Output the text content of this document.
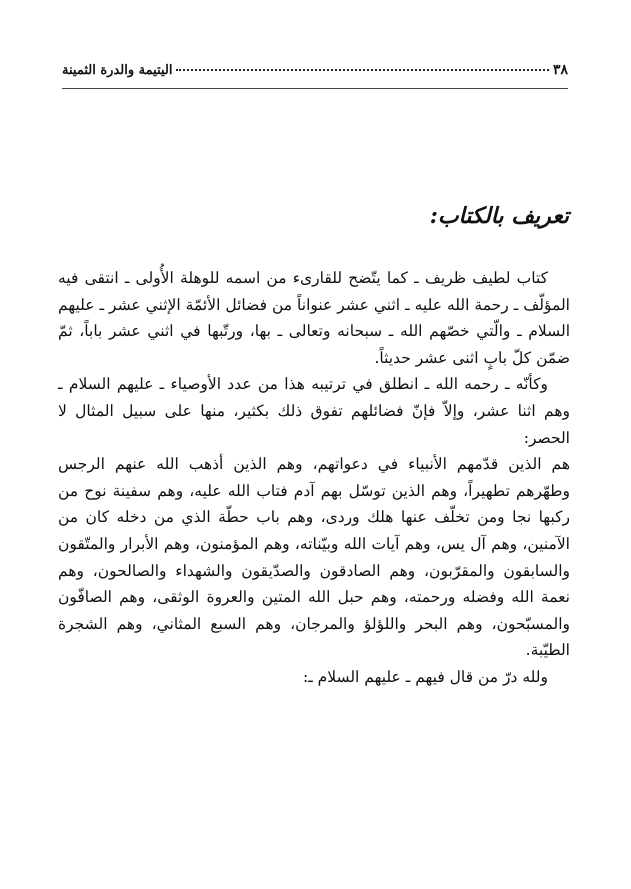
٣٨
اليتيمة والدرة الثمينة
تعريف بالكتاب:

كتاب لطيف ظريف ـ كما يتّضح للقارىء من اسمه للوهلة الأُولى ـ انتقى فيه المؤلّف ـ رحمة الله عليه ـ اثني عشر عنواناً من فضائل الأئمّة الإثني عشر ـ عليهم السلام ـ والّتي خصّهم الله ـ سبحانه وتعالى ـ بها، ورتّبها في اثني عشر باباً، ثمّ ضمّن كلّ بابٍ اثنى عشر حديثاً.

وكأنّه ـ رحمه الله ـ انطلق في ترتيبه هذا من عدد الأوصياء ـ عليهم السلام ـ وهم اثنا عشر، وإلاّ فإنّ فضائلهم تفوق ذلك بكثير، منها على سبيل المثال لا الحصر:

هم الذين قدّمهم الأنبياء في دعواتهم، وهم الذين أذهب الله عنهم الرجس وطهّرهم تطهيراً، وهم الذين توسّل بهم آدم فتاب الله عليه، وهم سفينة نوح من ركبها نجا ومن تخلّف عنها هلك وردى، وهم باب حطّة الذي من دخله كان من الآمنين، وهم آل يس، وهم آيات الله وبيّناته، وهم المؤمنون، وهم الأبرار والمتّقون والسابقون والمقرّبون، وهم الصادقون والصدّيقون والشهداء والصالحون، وهم نعمة الله وفضله ورحمته، وهم حبل الله المتين والعروة الوثقى، وهم الصافّون والمسبّحون، وهم البحر واللؤلؤ والمرجان، وهم السبع المثاني، وهم الشجرة الطيّبة.

ولله درّ من قال فيهم ـ عليهم السلام ـ:
